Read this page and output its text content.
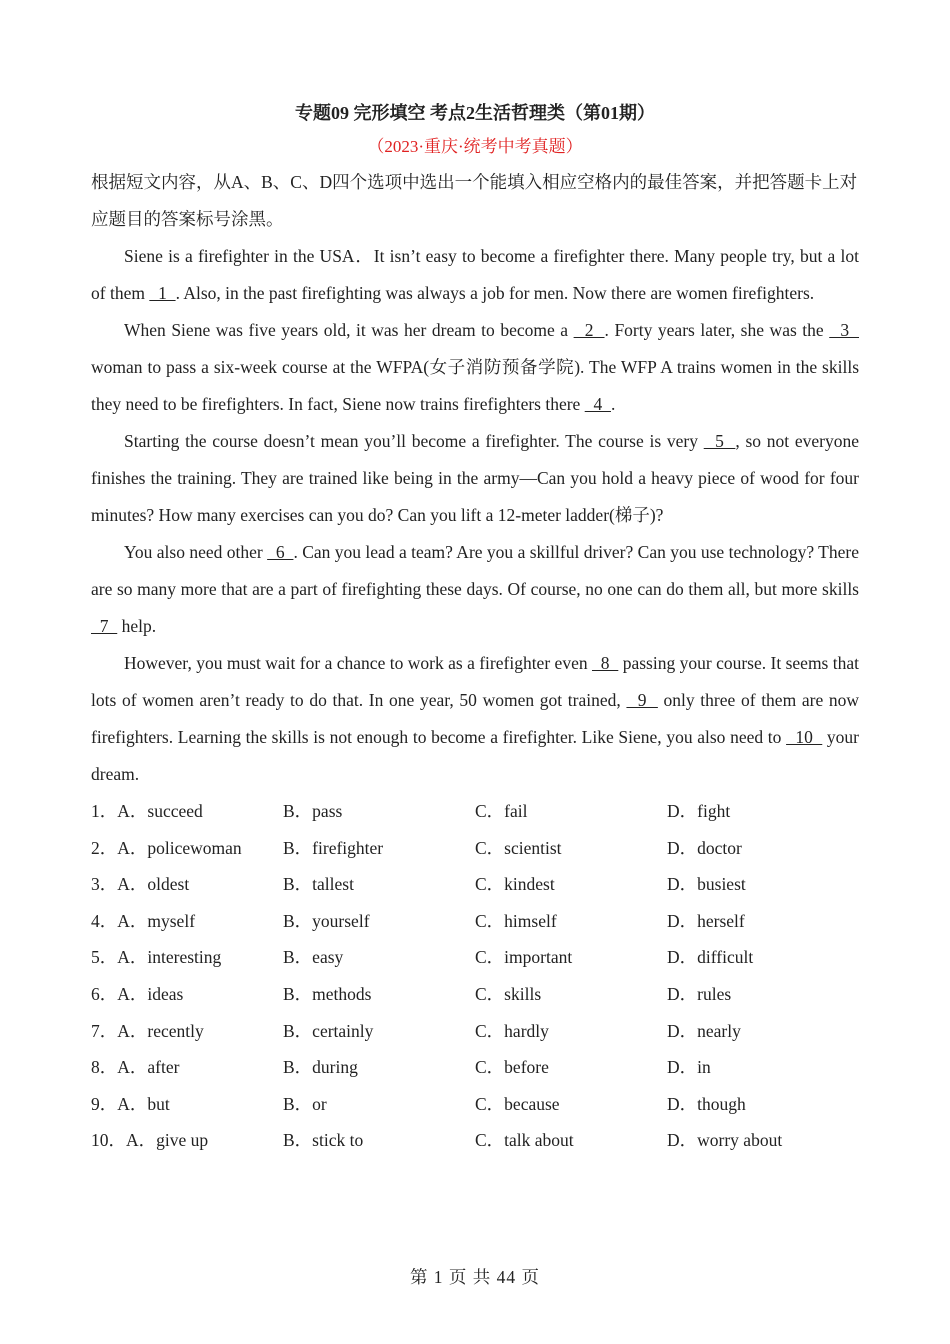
专题09 完形填空 考点2生活哲理类（第01期）

（2023·重庆·统考中考真题）

根据短文内容，从A、B、C、D四个选项中选出一个能填入相应空格内的最佳答案，并把答题卡上对应题目的答案标号涂黑。

Siene is a firefighter in the USA．It isn’t easy to become a firefighter there. Many people try, but a lot of them   1  . Also, in the past firefighting was always a job for men. Now there are women firefighters.

When Siene was five years old, it was her dream to become a   2  . Forty years later, she was the   3   woman to pass a six-week course at the WFPA(女子消防预备学院). The WFP A trains women in the skills they need to be firefighters. In fact, Siene now trains firefighters there   4  .

Starting the course doesn’t mean you’ll become a firefighter. The course is very   5  , so not everyone finishes the training. They are trained like being in the army—Can you hold a heavy piece of wood for four minutes? How many exercises can you do? Can you lift a 12-meter ladder(梯子)?

You also need other   6  . Can you lead a team? Are you a skillful driver? Can you use technology? There are so many more that are a part of firefighting these days. Of course, no one can do them all, but more skills   7   help.

However, you must wait for a chance to work as a firefighter even   8   passing your course. It seems that lots of women aren’t ready to do that. In one year, 50 women got trained,   9   only three of them are now firefighters. Learning the skills is not enough to become a firefighter. Like Siene, you also need to   10   your dream.

1．A．succeed	B．pass	C．fail	D．fight
2．A．policewoman	B．firefighter	C．scientist	D．doctor
3．A．oldest	B．tallest	C．kindest	D．busiest
4．A．myself	B．yourself	C．himself	D．herself
5．A．interesting	B．easy	C．important	D．difficult
6．A．ideas	B．methods	C．skills	D．rules
7．A．recently	B．certainly	C．hardly	D．nearly
8．A．after	B．during	C．before	D．in
9．A．but	B．or	C．because	D．though
10．A．give up	B．stick to	C．talk about	D．worry about
第 1 页 共 44 页
